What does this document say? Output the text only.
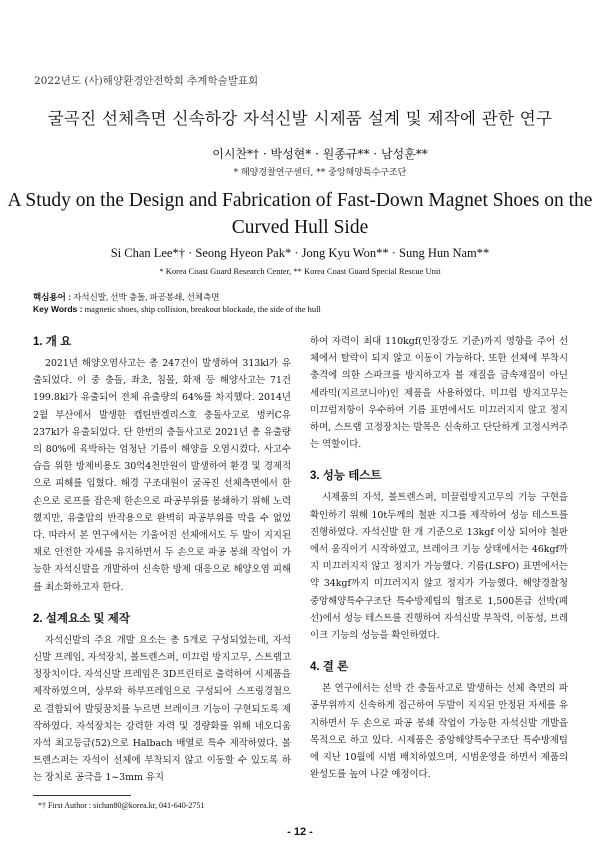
2022년도 (사)해양환경안전학회 추계학술발표회
굴곡진 선체측면 신속하강 자석신발 시제품 설계 및 제작에 관한 연구
이시찬*† · 박성현* · 원종규** · 남성훈**
* 해양경찰연구센터, ** 중앙해양특수구조단
A Study on the Design and Fabrication of Fast-Down Magnet Shoes on the
Curved Hull Side
Si Chan Lee*† · Seong Hyeon Pak* · Jong Kyu Won** · Sung Hun Nam**
* Korea Coast Guard Research Center, ** Korea Coast Guard Special Rescue Unit
핵심용어 : 자석신발, 선박 충돌, 파공봉쇄, 선체측면
Key Words : magnetic shoes, ship collision, breakout blockade, the side of the hull
1. 개 요

2021년 해양오염사고는 총 247건이 발생하여 313kl가 유출되었다. 이 중 충돌, 좌초, 침몰, 화재 등 해양사고는 71건 199.8kl가 유출되어 전체 유출량의 64%를 차지했다. 2014년 2월 부산에서 발생한 캡틴반겔리스호 충돌사고로 벙커C유 237kl가 유출되었다. 단 한번의 충돌사고로 2021년 총 유출량의 80%에 육박하는 엄청난 기름이 해양을 오염시켰다. 사고수습을 위한 방제비용도 30억4천만원이 발생하여 환경 및 경제적으로 피해를 입혔다. 해경 구조대원이 굴곡진 선체측면에서 한손으로 로프를 잡은채 한손으로 파공부위를 봉쇄하기 위해 노력했지만, 유출압의 반작용으로 완벽히 파공부위를 막을 수 없었다. 따라서 본 연구에서는 기울어진 선체에서도 두 발이 지지된 채로 안전한 자세를 유지하면서 두 손으로 파공 봉쇄 작업이 가능한 자석신발을 개발하여 신속한 방제 대응으로 해양오염 피해를 최소화하고자 한다.

2. 설계요소 및 제작

자석신발의 주요 개발 요소는 총 5개로 구성되었는데, 자석신발 프레임, 자석장치, 볼트렌스퍼, 미끄럼 방지고무, 스트랩고정장치이다. 자석신발 프레임은 3D프린터로 출력하여 시제품을 제작하였으며, 상부와 하부프레임으로 구성되어 스프링경첩으로 결합되어 발뒷꿈치를 누르면 브레이크 기능이 구현되도록 제작하였다. 자석장치는 강력한 자력 및 경량화를 위해 네오디움 자석 최고등급(52)으로 Halbach 배열로 특수 제작하였다. 볼트렌스퍼는 자석이 선체에 부착되지 않고 이동할 수 있도록 하는 장치로 공극을 1~3mm 유지

하여 자력이 최대 110kgf(인장강도 기준)까지 영향을 주어 선체에서 탈락이 되지 않고 이동이 가능하다. 또한 선체에 부착시 충격에 의한 스파크를 방지하고자 볼 재질을 금속재질이 아닌 세라믹(지르코니아)인 제품을 사용하였다. 미끄럼 방지고무는 미끄럼저항이 우수하여 기름 표면에서도 미끄러지지 않고 정지하며, 스트랩 고정장치는 발목은 신속하고 단단하게 고정시켜주는 역할이다.

3. 성능 테스트

시제품의 자석, 볼트렌스퍼, 미끌럼방지고무의 기능 구현을 확인하기 위해 10t두께의 철판 지그를 제작하여 성능 테스트를 진행하였다. 자석신발 한 개 기준으로 13kgf 이상 되어야 철판에서 움직이기 시작하였고, 브레이크 기능 상태에서는 46kgf까지 미끄러지지 않고 정지가 가능했다. 기름(LSFO) 표면에서는 약 34kgf까지 미끄러지지 않고 정지가 가능했다. 해양경찰청 중앙해양특수구조단 특수방제팀의 협조로 1,500톤급 선박(폐선)에서 성능 테스트를 진행하여 자석신발 부착력, 이동성, 브레이크 기능의 성능을 확인하였다.

4. 결 론

본 연구에서는 선박 간 충돌사고로 발생하는 선체 측면의 파공부위까지 신속하게 접근하여 두발이 지지된 안정된 자세를 유지하면서 두 손으로 파공 봉쇄 작업이 가능한 자석신발 개발을 목적으로 하고 있다. 시제품은 중앙해양특수구조단 특수방제팀에 지난 10월에 시범 배치하였으며, 시범운영을 하면서 제품의 완성도를 높여 나갈 예정이다.

*† First Author : sichan80@korea.kr, 041-640-2751
- 12 -
